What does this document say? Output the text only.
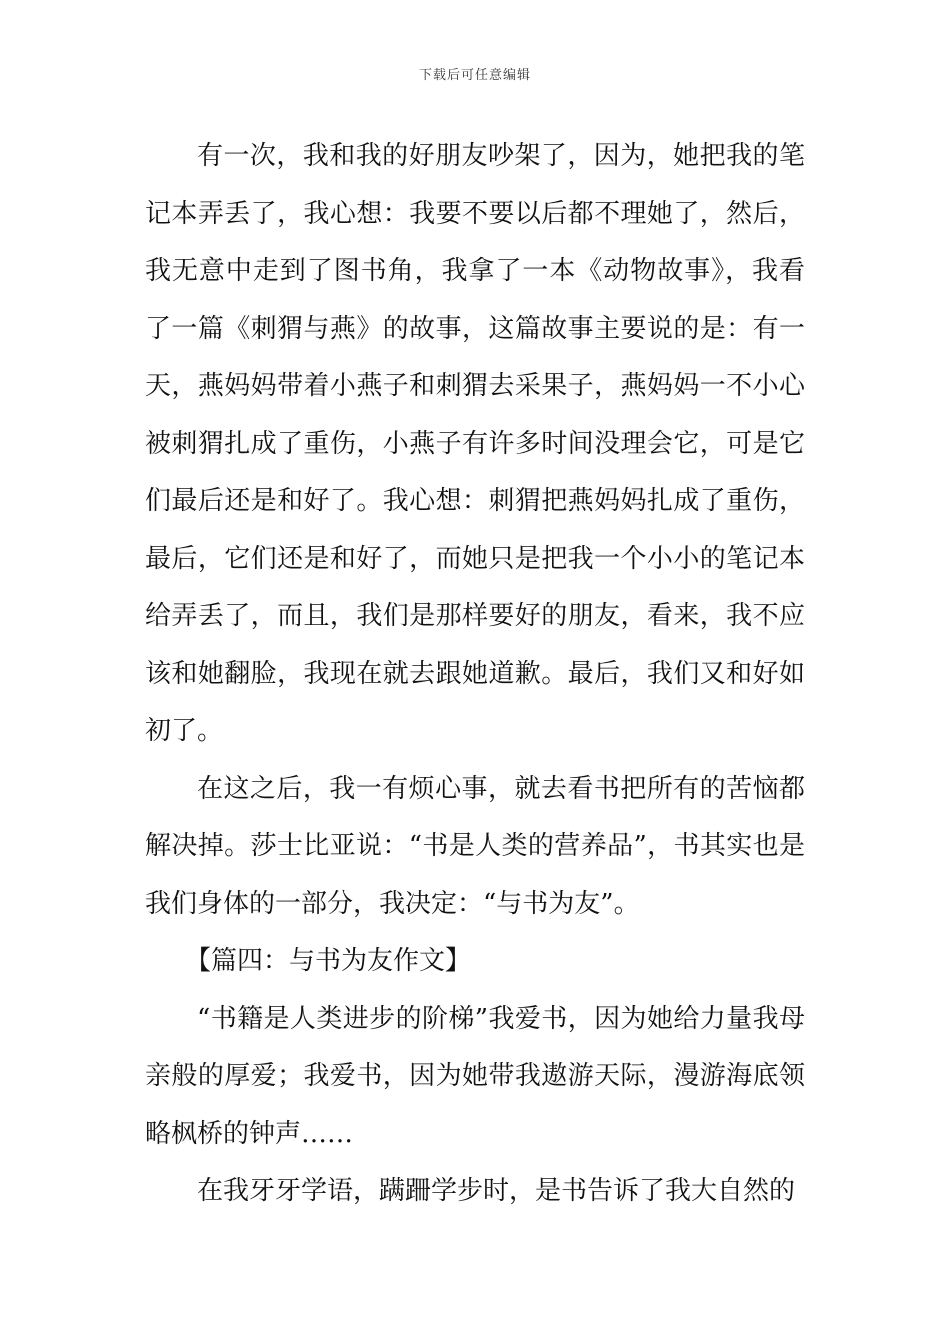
下载后可任意编辑

有一次，我和我的好朋友吵架了，因为，她把我的笔记本弄丢了，我心想：我要不要以后都不理她了，然后，我无意中走到了图书角，我拿了一本《动物故事》，我看了一篇《刺猬与燕》的故事，这篇故事主要说的是：有一天，燕妈妈带着小燕子和刺猬去采果子，燕妈妈一不小心被刺猬扎成了重伤，小燕子有许多时间没理会它，可是它们最后还是和好了。我心想：刺猬把燕妈妈扎成了重伤，最后，它们还是和好了，而她只是把我一个小小的笔记本给弄丢了，而且，我们是那样要好的朋友，看来，我不应该和她翻脸，我现在就去跟她道歉。最后，我们又和好如初了。

在这之后，我一有烦心事，就去看书把所有的苦恼都解决掉。莎士比亚说：“书是人类的营养品”，书其实也是我们身体的一部分，我决定：“与书为友”。

【篇四：与书为友作文】

“书籍是人类进步的阶梯”我爱书，因为她给力量我母亲般的厚爱；我爱书，因为她带我遨游天际，漫游海底领略枫桥的钟声……

在我牙牙学语，蹒跚学步时，是书告诉了我大自然的
